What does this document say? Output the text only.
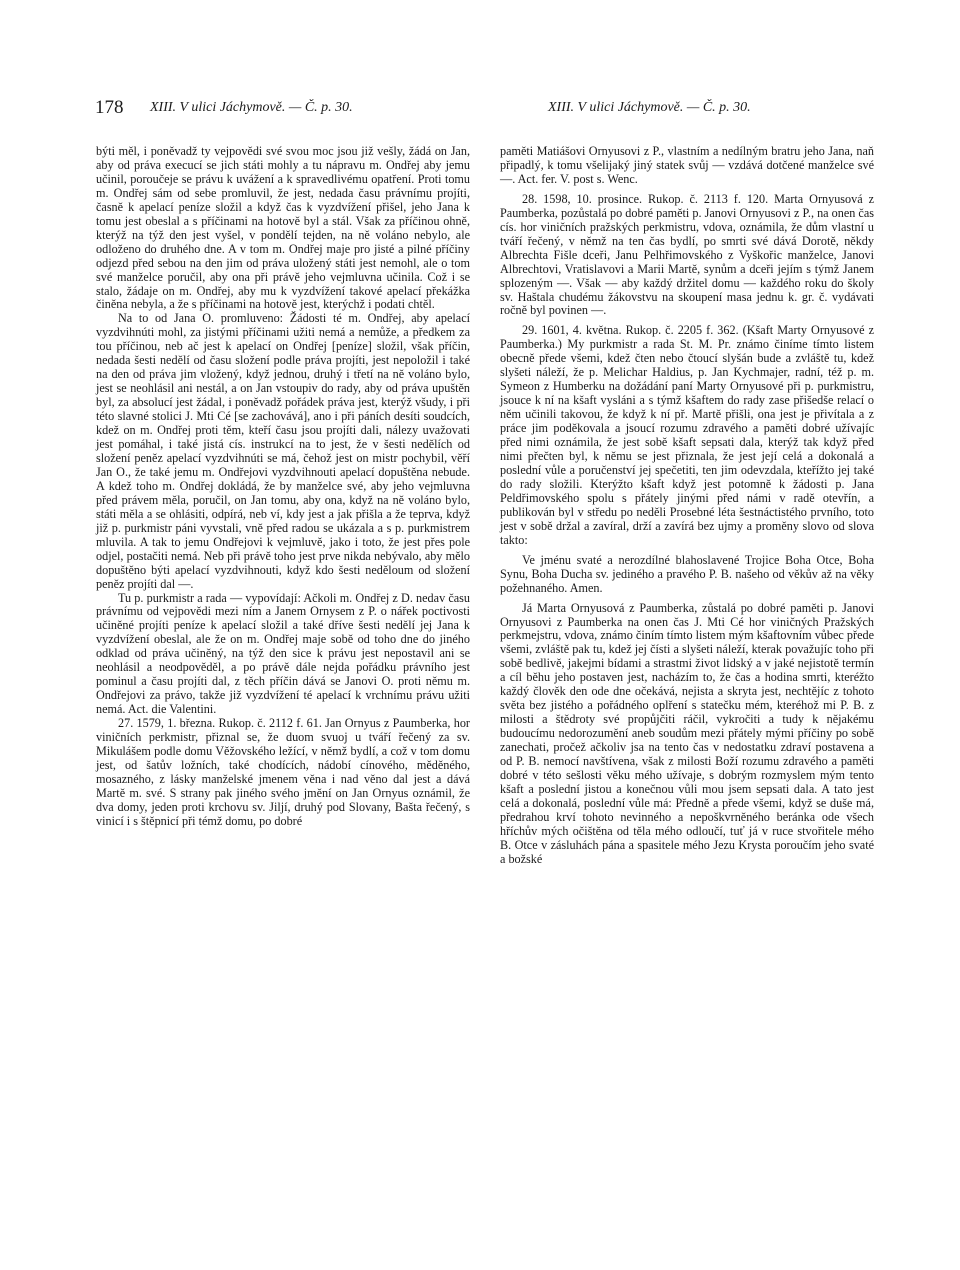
178 XIII. V ulici Jáchymově. — Č. p. 30.	XIII. V ulici Jáchymově. — Č. p. 30.

býti měl, i poněvadž ty vejpovědi své svou moc jsou již vešly, žádá on Jan, aby od práva execucí se jich státi mohly a tu nápravu m. Ondřej aby jemu učinil, poroučeje se právu k uvážení a k spravedlivému opatření. Proti tomu m. Ondřej sám od sebe promluvil, že jest, nedada času právnímu projíti, časně k apelací peníze složil a když čas k vyzdvížení přišel, jeho Jana k tomu jest obeslal a s příčinami na hotově byl a stál. Však za příčinou ohně, kterýž na týž den jest vyšel, v pondělí tejden, na ně voláno nebylo, ale odloženo do druhého dne. A v tom m. Ondřej maje pro jisté a pilné příčiny odjezd před sebou na den jim od práva uložený státi jest nemohl, ale o tom své manželce poručil, aby ona při právě jeho vejmluvna učinila. Což i se stalo, žádaje on m. Ondřej, aby mu k vyzdvížení takové apelací překážka činěna nebyla, a že s příčinami na hotově jest, kterýchž i podati chtěl.

Na to od Jana O. promluveno: Žádosti té m. Ondřej, aby apelací vyzdvihnúti mohl, za jistými příčinami užiti nemá a nemůže, a předkem za tou příčinou, neb ač jest k apelací on Ondřej [peníze] složil, však příčin, nedada šesti nedělí od času složení podle práva projíti, jest nepoložil i také na den od práva jim vložený, když jednou, druhý i třetí na ně voláno bylo, jest se neohlásil ani nestál, a on Jan vstoupiv do rady, aby od práva upuštěn byl, za absolucí jest žádal, i poněvadž pořádek práva jest, kterýž všudy, i při této slavné stolici J. Mti Cé [se zachovává], ano i při páních desíti soudcích, kdež on m. Ondřej proti těm, kteří času jsou projíti dali, nálezy uvažovati jest pomáhal, i také jistá cís. instrukcí na to jest, že v šesti nedělích od složení peněz apelací vyzdvihnúti se má, čehož jest on mistr pochybil, věří Jan O., že také jemu m. Ondřejovi vyzdvihnouti apelací dopuštěna nebude. A kdež toho m. Ondřej dokládá, že by manželce své, aby jeho vejmluvna před právem měla, poručil, on Jan tomu, aby ona, když na ně voláno bylo, státi měla a se ohlásiti, odpírá, neb ví, kdy jest a jak přišla a že teprva, když již p. purkmistr páni vyvstali, vně před radou se ukázala a s p. purkmistrem mluvila. A tak to jemu Ondřejovi k vejmluvě, jako i toto, že jest přes pole odjel, postačiti nemá. Neb při právě toho jest prve nikda nebývalo, aby mělo dopuštěno býti apelací vyzdvihnouti, když kdo šesti neděloum od složení peněz projíti dal —.

Tu p. purkmistr a rada — vypovídají: Ačkoli m. Ondřej z D. nedav času právnímu od vejpovědi mezi ním a Janem Ornysem z P. o nářek poctivosti učiněné projíti peníze k apelací složil a také dříve šesti nedělí jej Jana k vyzdvížení obeslal, ale že on m. Ondřej maje sobě od toho dne do jiného odklad od práva učiněný, na týž den sice k právu jest nepostavil ani se neohlásil a neodpověděl, a po právě dále nejda pořádku právního jest pominul a času projíti dal, z těch příčin dává se Janovi O. proti němu m. Ondřejovi za právo, takže již vyzdvížení té apelací k vrchnímu právu užiti nemá. Act. die Valentini.

27. 1579, 1. března. Rukop. č. 2112 f. 61. Jan Ornyus z Paumberka, hor viničních perkmistr, přiznal se, že duom svuoj u tváří řečený za sv. Mikulášem podle domu Věžovského ležící, v němž bydlí, a což v tom domu jest, od šatův ložních, také chodících, nádobí cínového, měděného, mosazného, z lásky manželské jmenem věna i nad věno dal jest a dává Martě m. své. S strany pak jiného svého jmění on Jan Ornyus oznámil, že dva domy, jeden proti krchovu sv. Jiljí, druhý pod Slovany, Bašta řečený, s vinicí i s štěpnicí při témž domu, po dobré

paměti Matiášovi Ornyusovi z P., vlastním a nedílným bratru jeho Jana, naň připadlý, k tomu všelijaký jiný statek svůj — vzdává dotčené manželce své —. Act. fer. V. post s. Wenc.

28. 1598, 10. prosince. Rukop. č. 2113 f. 120. Marta Ornyusová z Paumberka, pozůstalá po dobré paměti p. Janovi Ornyusovi z P., na onen čas cís. hor viničních pražských perkmistru, vdova, oznámila, že dům vlastní u tváří řečený, v němž na ten čas bydlí, po smrti své dává Dorotě, někdy Albrechta Fišle dceři, Janu Pelhřimovského z Vyškořic manželce, Janovi Albrechtovi, Vratislavovi a Marii Martě, synům a dceři jejím s týmž Janem splozeným —. Však — aby každý držitel domu — každého roku do školy sv. Haštala chudému žákovstvu na skoupení masa jednu k. gr. č. vydávati ročně byl povinen —.

29. 1601, 4. května. Rukop. č. 2205 f. 362. (Kšaft Marty Ornyusové z Paumberka.) My purkmistr a rada St. M. Pr. známo činíme tímto listem obecně přede všemi, kdež čten nebo čtoucí slyšán bude a zvláště tu, kdež slyšeti náleží, že p. Melichar Haldius, p. Jan Kychmajer, radní, též p. m. Symeon z Humberku na dožádání paní Marty Ornyusové při p. purkmistru, jsouce k ní na kšaft vysláni a s týmž kšaftem do rady zase přišedše relací o něm učinili takovou, že když k ní př. Martě přišli, ona jest je přivítala a z práce jim poděkovala a jsoucí rozumu zdravého a paměti dobré užívajíc před nimi oznámila, že jest sobě kšaft sepsati dala, kterýž tak když před nimi přečten byl, k němu se jest přiznala, že jest její celá a dokonalá a poslední vůle a poručenství jej spečetiti, ten jim odevzdala, kteřížto jej také do rady složili. Kterýžto kšaft když jest potomně k žádosti p. Jana Peldřimovského spolu s přátely jinými před námi v radě otevřín, a publikován byl v středu po neděli Prosebné léta šestnáctistého prvního, toto jest v sobě držal a zavíral, drží a zavírá bez ujmy a proměny slovo od slova takto:

Ve jménu svaté a nerozdílné blahoslavené Trojice Boha Otce, Boha Synu, Boha Ducha sv. jediného a pravého P. B. našeho od věkův až na věky požehnaného. Amen.

Já Marta Ornyusová z Paumberka, zůstalá po dobré paměti p. Janovi Ornyusovi z Paumberka na onen čas J. Mti Cé hor viničných Pražských perkmejstru, vdova, známo činím tímto listem mým kšaftovním vůbec přede všemi, zvláště pak tu, kdež jej čísti a slyšeti náleží, kterak považujíc toho při sobě bedlivě, jakejmi bídami a strastmi život lidský a v jaké nejistotě termín a cíl běhu jeho postaven jest, nacházím to, že čas a hodina smrti, kteréžto každý člověk den ode dne očekává, nejista a skryta jest, nechtějíc z tohoto světa bez jistého a pořádného oplření s statečku mém, kteréhož mi P. B. z milosti a štědroty své propůjčiti ráčil, vykročiti a tudy k nějakému budoucímu nedorozumění aneb soudům mezi přátely mými příčiny po sobě zanechati, pročež ačkoliv jsa na tento čas v nedostatku zdraví postavena a od P. B. nemocí navštívena, však z milosti Boží rozumu zdravého a paměti dobré v této sešlosti věku mého užívaje, s dobrým rozmyslem mým tento kšaft a poslední jistou a konečnou vůli mou jsem sepsati dala. A tato jest celá a dokonalá, poslední vůle má: Předně a přede všemi, když se duše má, předrahou krví tohoto nevinného a nepoškvrněného beránka ode všech hříchův mých očištěna od těla mého odloučí, tuť já v ruce stvořitele mého B. Otce v zásluhách pána a spasitele mého Jezu Krysta poroučím jeho svaté a božské
